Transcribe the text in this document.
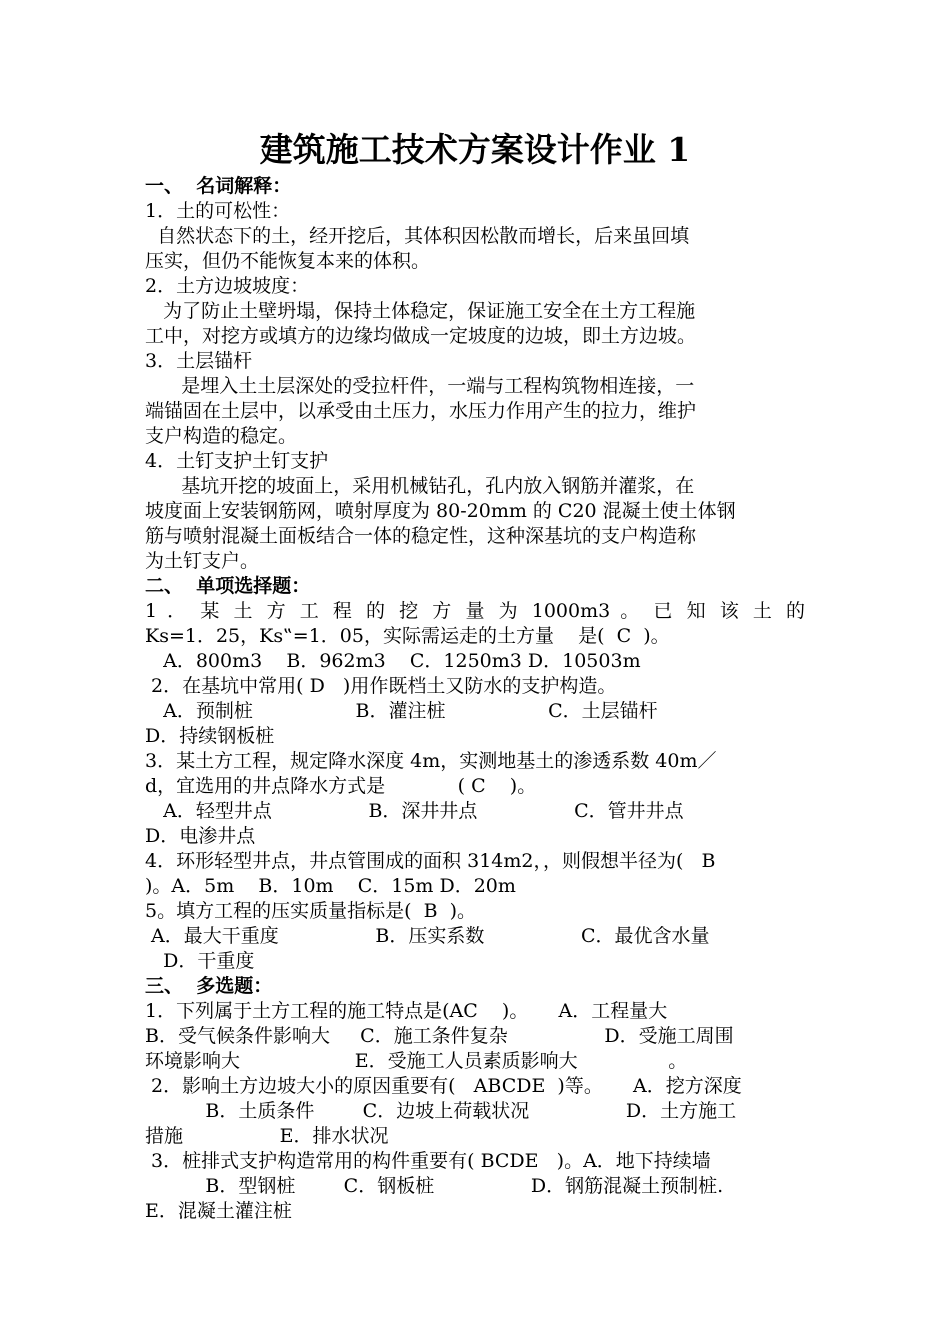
建筑施工技术方案设计作业 1
一、  名词解释：
1．土的可松性：
自然状态下的土，经开挖后，其体积因松散而增长，后来虽回填
压实，但仍不能恢复本来的体积。
2．土方边坡坡度：
为了防止土壁坍塌，保持土体稳定，保证施工安全在土方工程施
工中，对挖方或填方的边缘均做成一定坡度的边坡，即土方边坡。
3．土层锚杆
是埋入土土层深处的受拉杆件，一端与工程构筑物相连接，一
端锚固在土层中，以承受由土压力，水压力作用产生的拉力，维护
支户构造的稳定。
4．土钉支护土钉支护
基坑开挖的坡面上，采用机械钻孔，孔内放入钢筋并灌浆，在
坡度面上安装钢筋网，喷射厚度为 80-20mm 的 C20 混凝土使土体钢
筋与喷射混凝土面板结合一体的稳定性，这种深基坑的支户构造称
为土钉支户。
二、  单项选择题：
1 ． 某 土 方 工 程 的 挖 方 量 为 1000m3 。 已 知 该 土 的
Ks=1．25，Ks‟=1．05，实际需运走的土方量    是(  C  )。
A．800m3    B．962m3    C．1250m3 D．10503m
2．在基坑中常用( D   )用作既档土又防水的支护构造。
A．预制桩                 B．灌注桩                 C．土层锚杆
D．持续钢板桩
3．某土方工程，规定降水深度 4m，实测地基土的渗透系数 40m／
d，宜选用的井点降水方式是            ( C    )。
A．轻型井点                B．深井井点                C．管井井点
D．电渗井点
4．环形轻型井点，井点管围成的面积 314m2，，则假想半径为(   B
)。A．5m    B．10m    C．15m D．20m
5。填方工程的压实质量指标是(  B  )。
A．最大干重度                B．压实系数                C．最优含水量
D．干重度
三、  多选题：
1．下列属于土方工程的施工特点是(AC    )。     A．工程量大
B．受气候条件影响大     C．施工条件复杂                D．受施工周围
环境影响大                   E．受施工人员素质影响大               。
2．影响土方边坡大小的原因重要有(   ABCDE  )等。     A．挖方深度
B．土质条件        C．边坡上荷载状况                D．土方施工
措施                E．排水状况
3．桩排式支护构造常用的构件重要有( BCDE   )。A．地下持续墙
B．型钢桩        C．钢板桩                D．钢筋混凝土预制桩.
E．混凝土灌注桩
